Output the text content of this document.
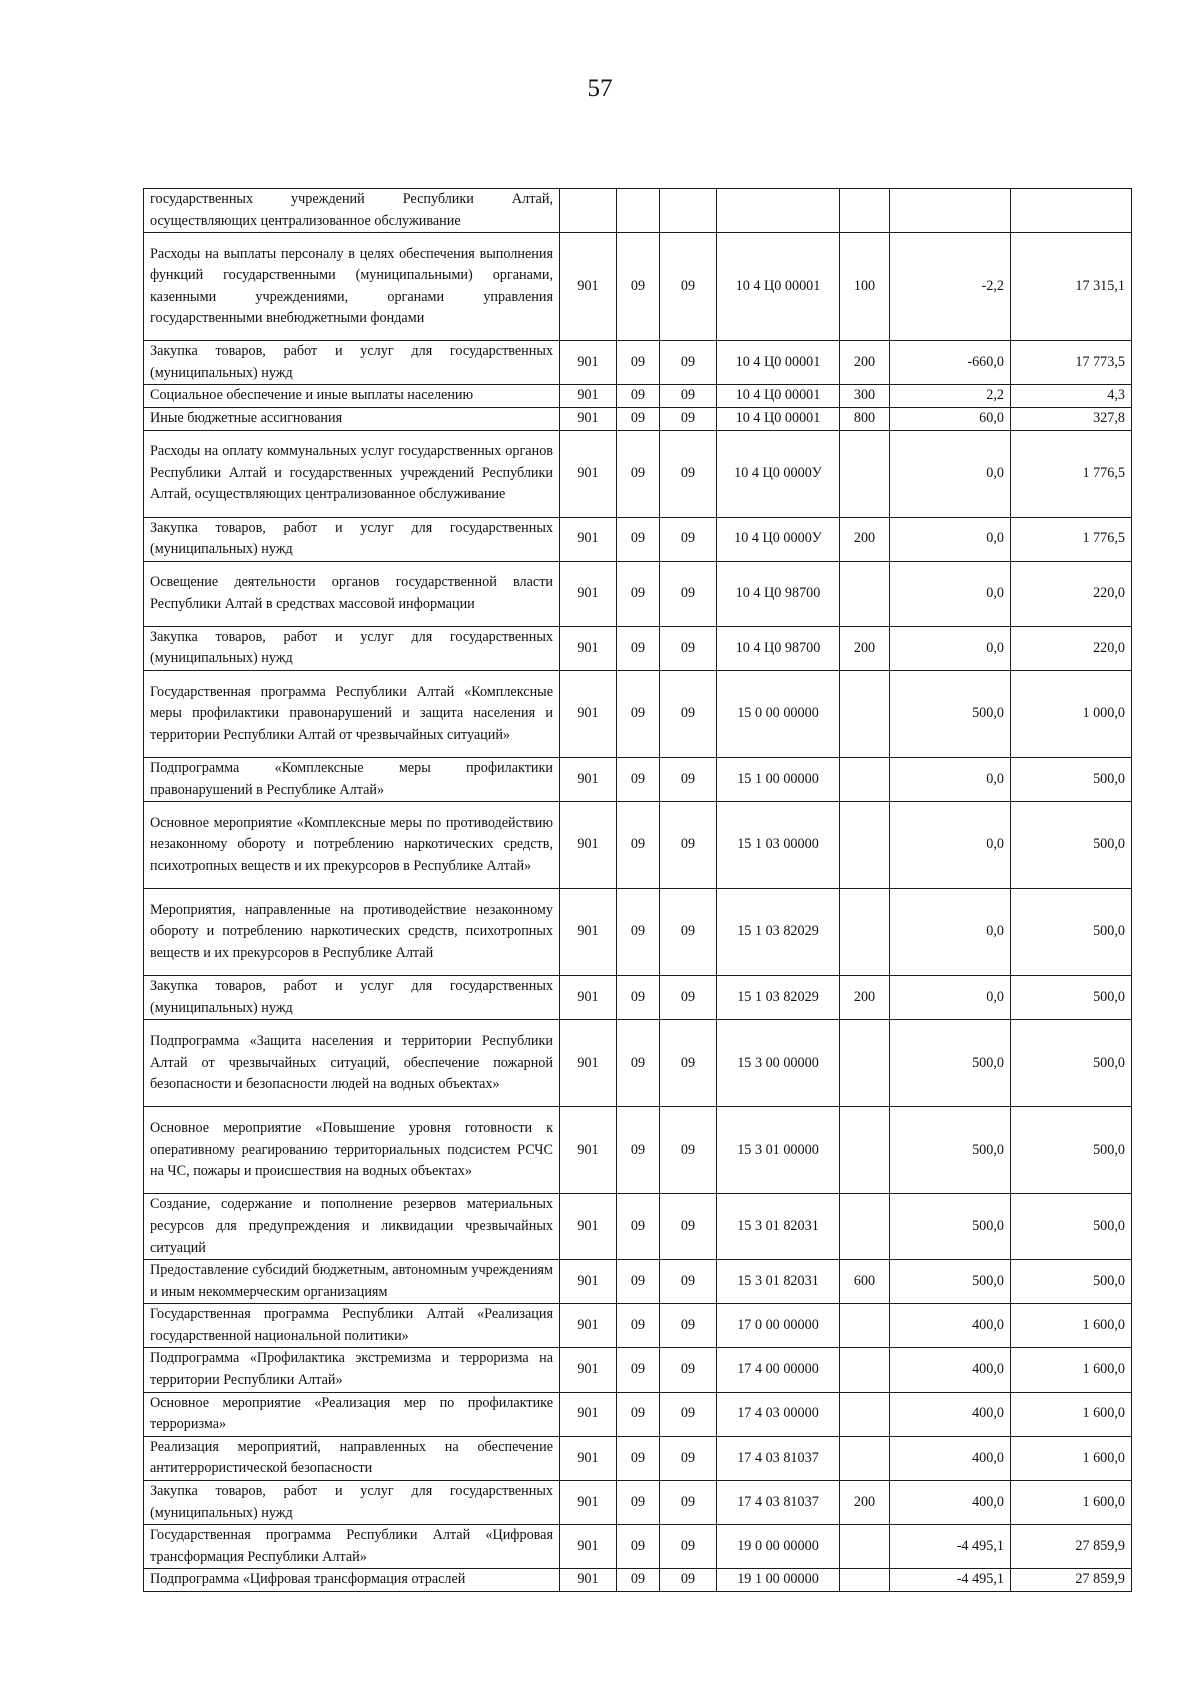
57
государственных учреждений Республики Алтай, осуществляющих централизованное обслуживание							
Расходы на выплаты персоналу в целях обеспечения выполнения функций государственными (муниципальными) органами, казенными учреждениями, органами управления государственными внебюджетными фондами	901	09	09	10 4 Ц0 00001	100	-2,2	17 315,1
Закупка товаров, работ и услуг для государственных (муниципальных) нужд	901	09	09	10 4 Ц0 00001	200	-660,0	17 773,5
Социальное обеспечение и иные выплаты населению	901	09	09	10 4 Ц0 00001	300	2,2	4,3
Иные бюджетные ассигнования	901	09	09	10 4 Ц0 00001	800	60,0	327,8
Расходы на оплату коммунальных услуг государственных органов Республики Алтай и государственных учреждений Республики Алтай, осуществляющих централизованное обслуживание	901	09	09	10 4 Ц0 0000У		0,0	1 776,5
Закупка товаров, работ и услуг для государственных (муниципальных) нужд	901	09	09	10 4 Ц0 0000У	200	0,0	1 776,5
Освещение деятельности органов государственной власти Республики Алтай в средствах массовой информации	901	09	09	10 4 Ц0 98700		0,0	220,0
Закупка товаров, работ и услуг для государственных (муниципальных) нужд	901	09	09	10 4 Ц0 98700	200	0,0	220,0
Государственная программа Республики Алтай «Комплексные меры профилактики правонарушений и защита населения и территории Республики Алтай от чрезвычайных ситуаций»	901	09	09	15 0 00 00000		500,0	1 000,0
Подпрограмма «Комплексные меры профилактики правонарушений в Республике Алтай»	901	09	09	15 1 00 00000		0,0	500,0
Основное мероприятие «Комплексные меры по противодействию незаконному обороту и потреблению наркотических средств, психотропных веществ и их прекурсоров в Республике Алтай»	901	09	09	15 1 03 00000		0,0	500,0
Мероприятия, направленные на противодействие незаконному обороту и потреблению наркотических средств, психотропных веществ и их прекурсоров в Республике Алтай	901	09	09	15 1 03 82029		0,0	500,0
Закупка товаров, работ и услуг для государственных (муниципальных) нужд	901	09	09	15 1 03 82029	200	0,0	500,0
Подпрограмма «Защита населения и территории Республики Алтай от чрезвычайных ситуаций, обеспечение пожарной безопасности и безопасности людей на водных объектах»	901	09	09	15 3 00 00000		500,0	500,0
Основное мероприятие «Повышение уровня готовности к оперативному реагированию территориальных подсистем РСЧС на ЧС, пожары и происшествия на водных объектах»	901	09	09	15 3 01 00000		500,0	500,0
Создание, содержание и пополнение резервов материальных ресурсов для предупреждения и ликвидации чрезвычайных ситуаций	901	09	09	15 3 01 82031		500,0	500,0
Предоставление субсидий бюджетным, автономным учреждениям и иным некоммерческим организациям	901	09	09	15 3 01 82031	600	500,0	500,0
Государственная программа Республики Алтай «Реализация государственной национальной политики»	901	09	09	17 0 00 00000		400,0	1 600,0
Подпрограмма «Профилактика экстремизма и терроризма на территории Республики Алтай»	901	09	09	17 4 00 00000		400,0	1 600,0
Основное мероприятие «Реализация мер по профилактике терроризма»	901	09	09	17 4 03 00000		400,0	1 600,0
Реализация мероприятий, направленных на обеспечение антитеррористической безопасности	901	09	09	17 4 03 81037		400,0	1 600,0
Закупка товаров, работ и услуг для государственных (муниципальных) нужд	901	09	09	17 4 03 81037	200	400,0	1 600,0
Государственная программа Республики Алтай «Цифровая трансформация Республики Алтай»	901	09	09	19 0 00 00000		-4 495,1	27 859,9
Подпрограмма «Цифровая трансформация отраслей	901	09	09	19 1 00 00000		-4 495,1	27 859,9
